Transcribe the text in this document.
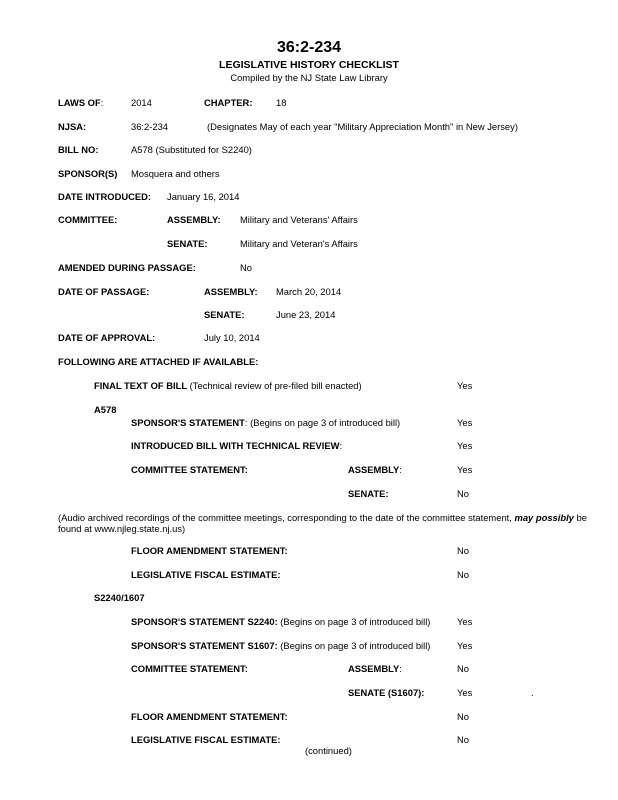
36:2-234
LEGISLATIVE HISTORY CHECKLIST
Compiled by the NJ State Law Library
LAWS OF:	2014	CHAPTER:	18
NJSA:	36:2-234	(Designates May of each year "Military Appreciation Month" in New Jersey)
BILL NO:	A578 (Substituted for S2240)
SPONSOR(S) Mosquera and others
DATE INTRODUCED: January 16, 2014
COMMITTEE:	ASSEMBLY: Military and Veterans' Affairs
SENATE:	Military and Veteran's Affairs
AMENDED DURING PASSAGE:	No
DATE OF PASSAGE:	ASSEMBLY: March 20, 2014
SENATE:	June 23, 2014
DATE OF APPROVAL:	July 10, 2014
FOLLOWING ARE ATTACHED IF AVAILABLE:
FINAL TEXT OF BILL (Technical review of pre-filed bill enacted)	Yes
A578
SPONSOR'S STATEMENT: (Begins on page 3 of introduced bill)	Yes
INTRODUCED BILL WITH TECHNICAL REVIEW:	Yes
COMMITTEE STATEMENT:	ASSEMBLY:	Yes
SENATE:	No
(Audio archived recordings of the committee meetings, corresponding to the date of the committee statement, may possibly be found at www.njleg.state.nj.us)
FLOOR AMENDMENT STATEMENT:	No
LEGISLATIVE FISCAL ESTIMATE:	No
S2240/1607
SPONSOR'S STATEMENT S2240: (Begins on page 3 of introduced bill)	Yes
SPONSOR'S STATEMENT S1607: (Begins on page 3 of introduced bill)	Yes
COMMITTEE STATEMENT:	ASSEMBLY:	No
SENATE (S1607):	Yes	.
FLOOR AMENDMENT STATEMENT:	No
LEGISLATIVE FISCAL ESTIMATE:	No
(continued)
